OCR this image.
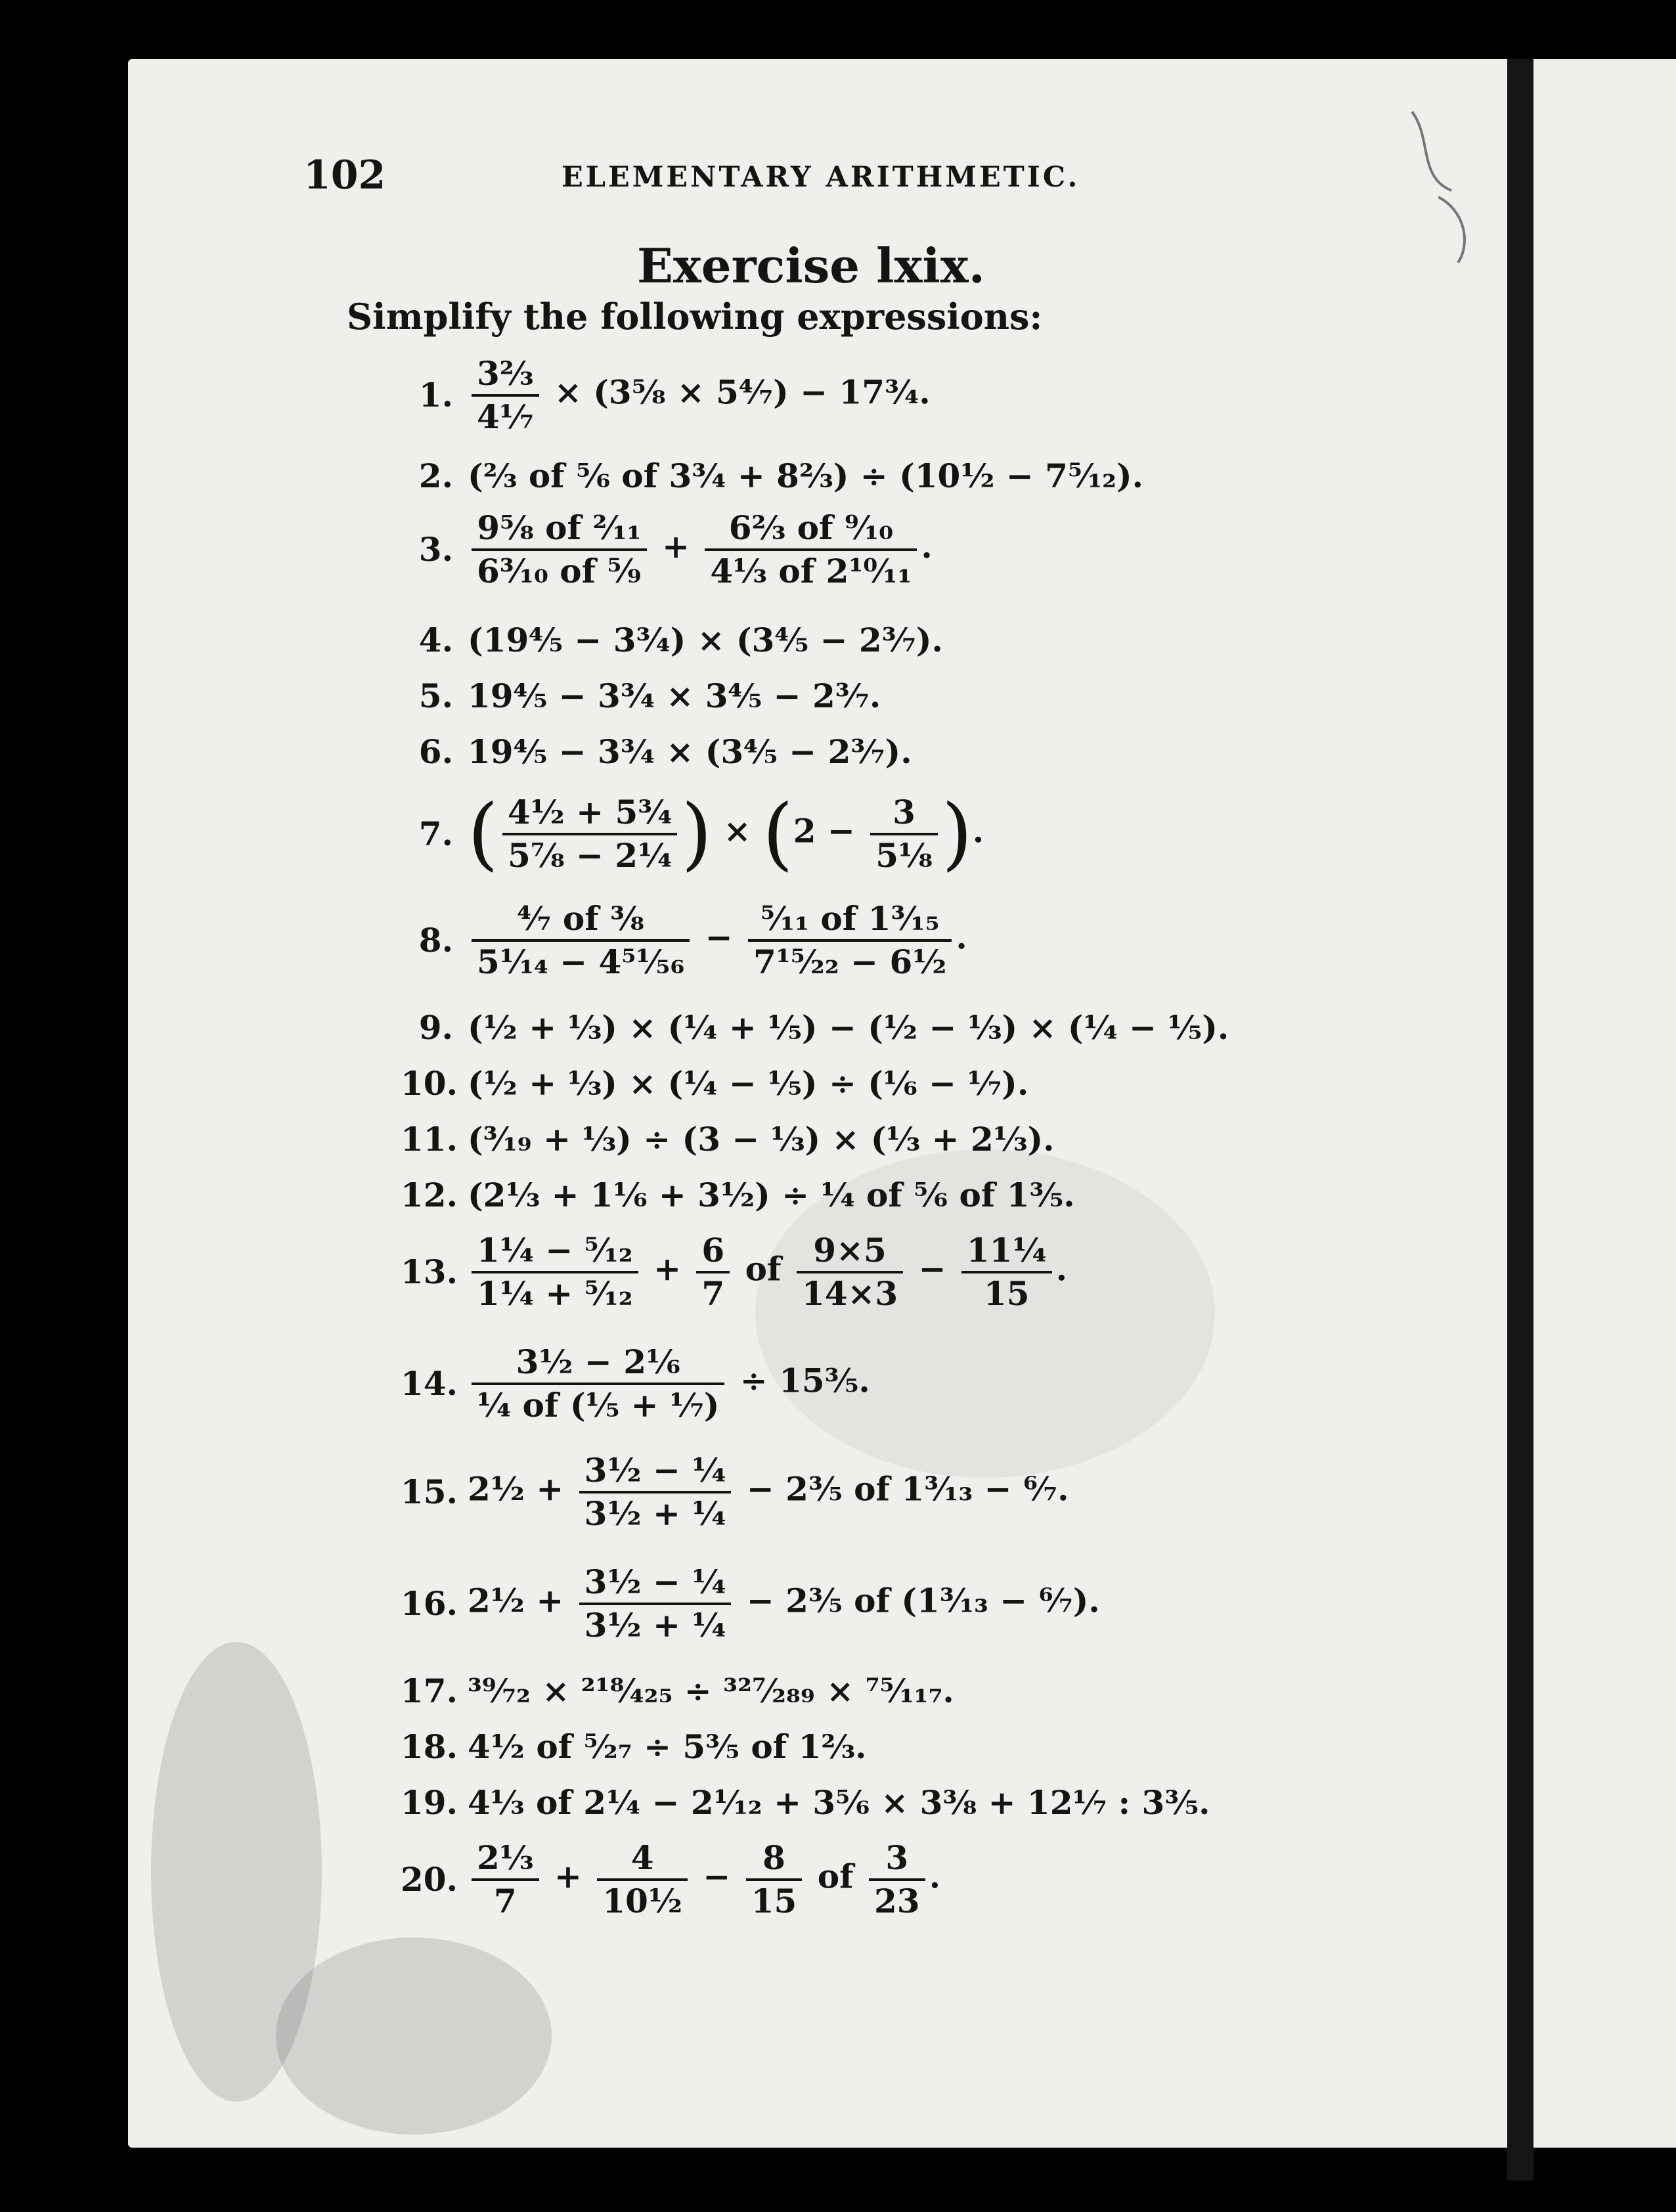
102	ELEMENTARY ARITHMETIC.
Exercise lxix.
Simplify the following expressions:
1. $\frac{\text{3⅔}}{\text{4⅐}}$ × (3⅝ × 5⁴⁄₇) − 17¾.
2. (⅔ of ⅚ of 3¾ + 8⅔) ÷ (10½ − 7⁵⁄₁₂).
3. $\frac{\text{9⅝ of ²⁄₁₁}}{\text{6³⁄₁₀ of ⁵⁄₉}} + \frac{\text{6⅔ of ⁹⁄₁₀}}{\text{4⅓ of 2¹⁰⁄₁₁}}$ .
4. (19⅘ − 3¾) × (3⅘ − 2³⁄₇).
5. 19⅘ − 3¾ × 3⅘ − 2³⁄₇.
6. 19⅘ − 3¾ × (3⅘ − 2³⁄₇).
7. ( $\frac{\text{4½ + 5¾}}{\text{5⅞ − 2¼}}$ ) × ($2 - \frac{3}{\text{5⅛}}$ ).
8. $\frac{\text{⁴⁄₇ of ⅜}}{\text{5¹⁄₁₄ − 4⁵¹⁄₅₆}} - \frac{\text{⁵⁄₁₁ of 1³⁄₁₅}}{\text{7¹⁵⁄₂₂ − 6½}}$ .
9. (½ + ⅓) × (¼ + ⅕) − (½ − ⅓) × (¼ − ⅕).
10. (½ + ⅓) × (¼ − ⅕) ÷ (⅙ − ⅐).
11. (³⁄₁₉ + ⅓) ÷ (3 − ⅓) × (⅓ + 2⅓).
12. (2⅓ + 1⅙ + 3½) ÷ ¼ of ⅚ of 1⅗.
13. $\frac{\text{1¼ − ⁵⁄₁₂}}{\text{1¼ + ⁵⁄₁₂}} + \frac{6}{7}$ of $\frac{9\times 5}{14\times 3} - \frac{\text{11¼}}{15}$ .
14. $\frac{\text{3½ − 2⅙}}{\text{¼ of (⅕ + ⅐)}}$ ÷ 15⅗.
15. 2½ + $\frac{\text{3½ − ¼}}{\text{3½ + ¼}}$ − 2⅗ of 1³⁄₁₃ − ⁶⁄₇.
16. 2½ + $\frac{\text{3½ − ¼}}{\text{3½ + ¼}}$ − 2⅗ of (1³⁄₁₃ − ⁶⁄₇).
17. ³⁹⁄₇₂ × ²¹⁸⁄₄₂₅ ÷ ³²⁷⁄₂₈₉ × ⁷⁵⁄₁₁₇.
18. 4½ of ⁵⁄₂₇ ÷ 5⅗ of 1⅔.
19. 4⅓ of 2¼ − 2¹⁄₁₂ + 3⅚ × 3⅜ + 12⅐ : 3⅗.
20. $\frac{\text{2⅓}}{7} + \frac{4}{\text{10½}} - \frac{8}{15}$ of $\frac{3}{23}$ .
